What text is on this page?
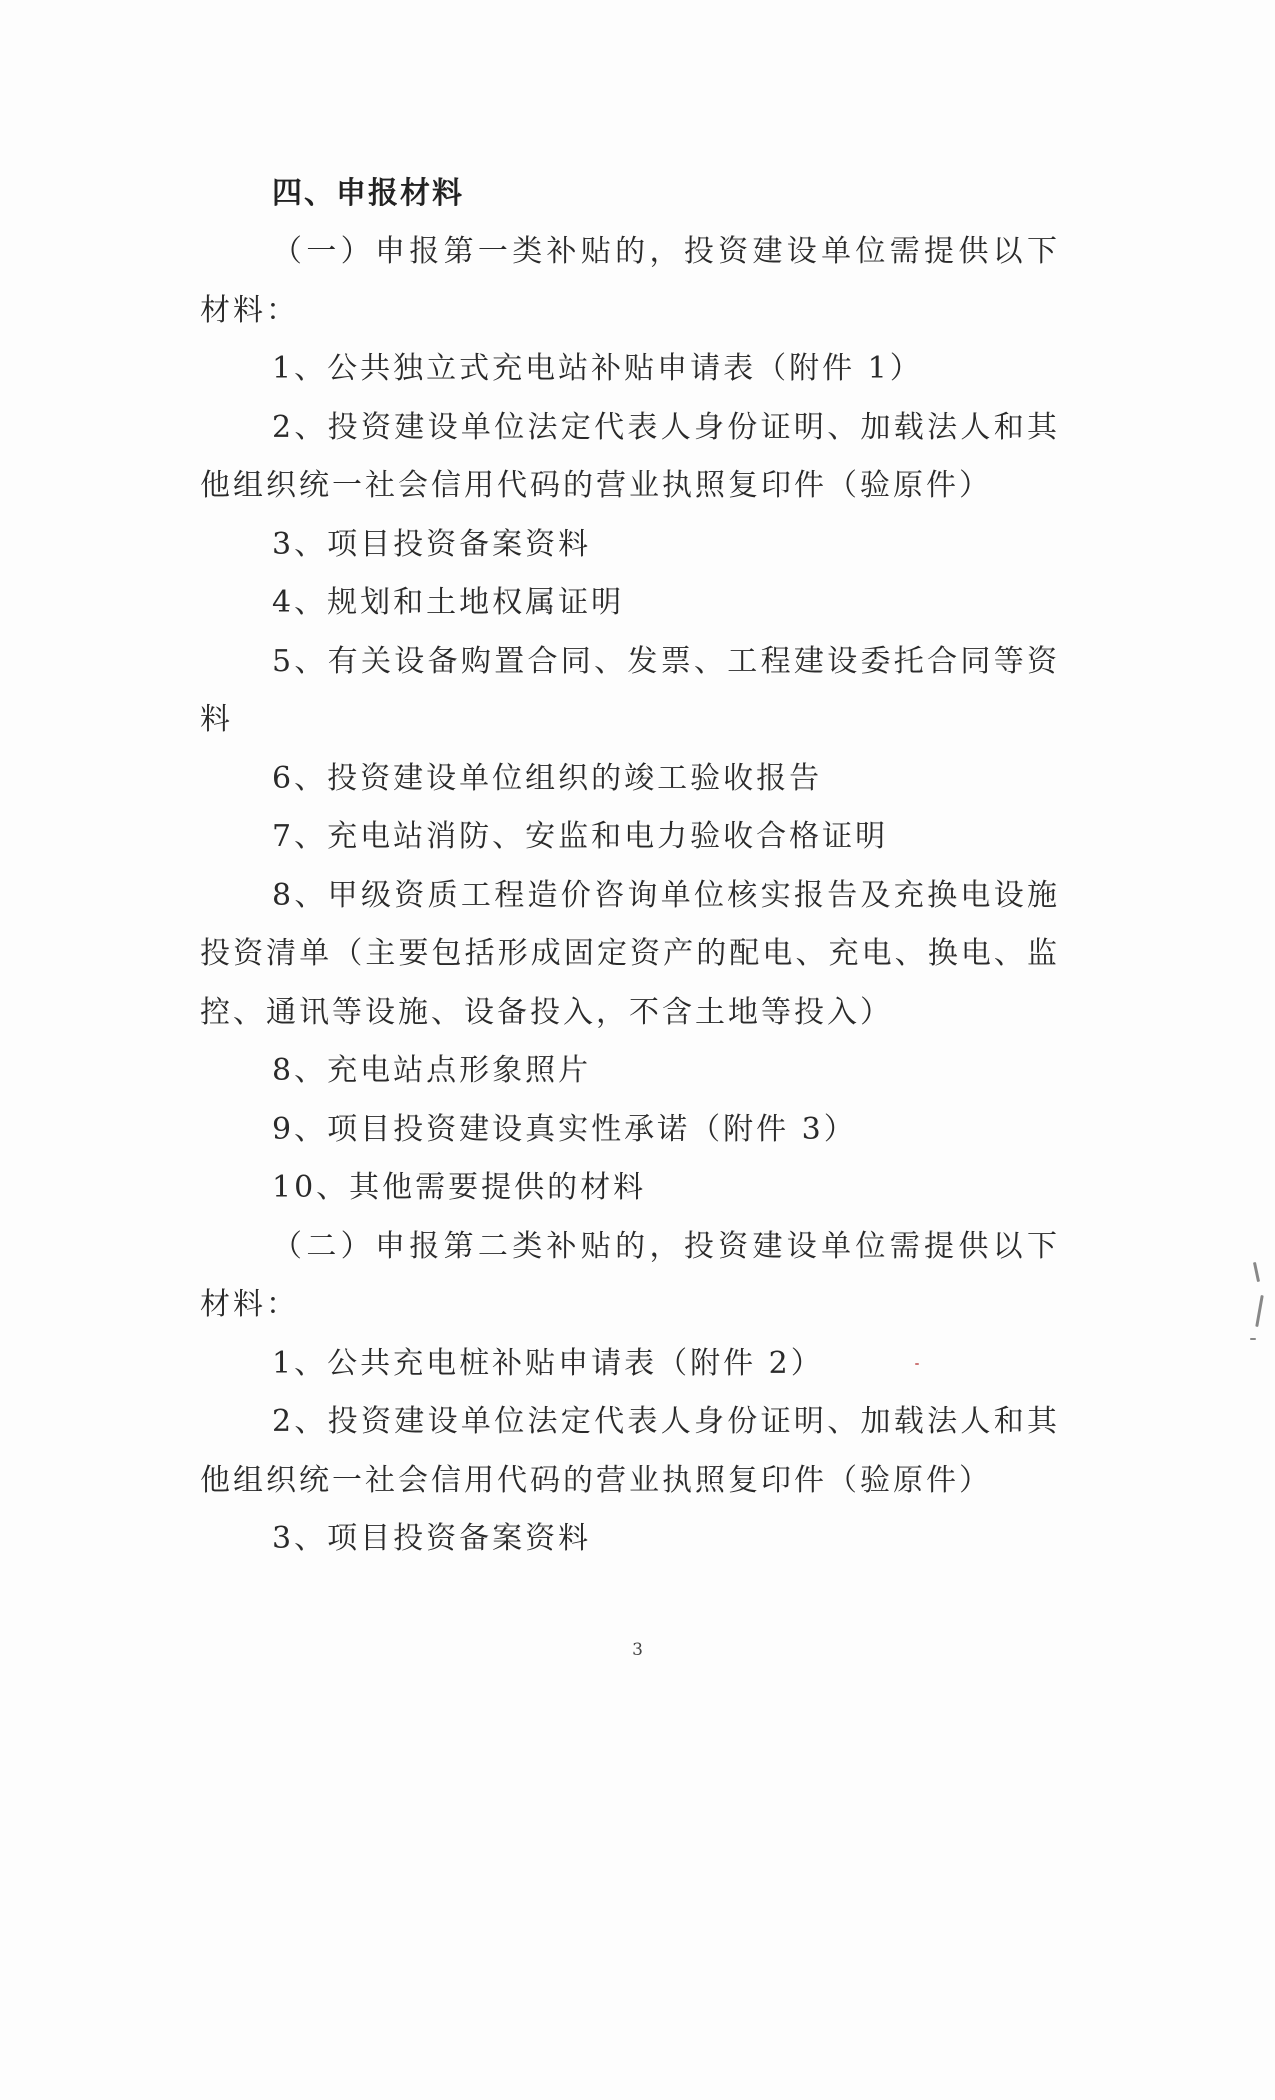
四、申报材料

（一）申报第一类补贴的，投资建设单位需提供以下材料：

1、公共独立式充电站补贴申请表（附件 1）

2、投资建设单位法定代表人身份证明、加载法人和其他组织统一社会信用代码的营业执照复印件（验原件）

3、项目投资备案资料

4、规划和土地权属证明

5、有关设备购置合同、发票、工程建设委托合同等资料

6、投资建设单位组织的竣工验收报告

7、充电站消防、安监和电力验收合格证明

8、甲级资质工程造价咨询单位核实报告及充换电设施投资清单（主要包括形成固定资产的配电、充电、换电、监控、通讯等设施、设备投入，不含土地等投入）

8、充电站点形象照片

9、项目投资建设真实性承诺（附件 3）

10、其他需要提供的材料

（二）申报第二类补贴的，投资建设单位需提供以下材料：

1、公共充电桩补贴申请表（附件 2）

2、投资建设单位法定代表人身份证明、加载法人和其他组织统一社会信用代码的营业执照复印件（验原件）

3、项目投资备案资料

3
